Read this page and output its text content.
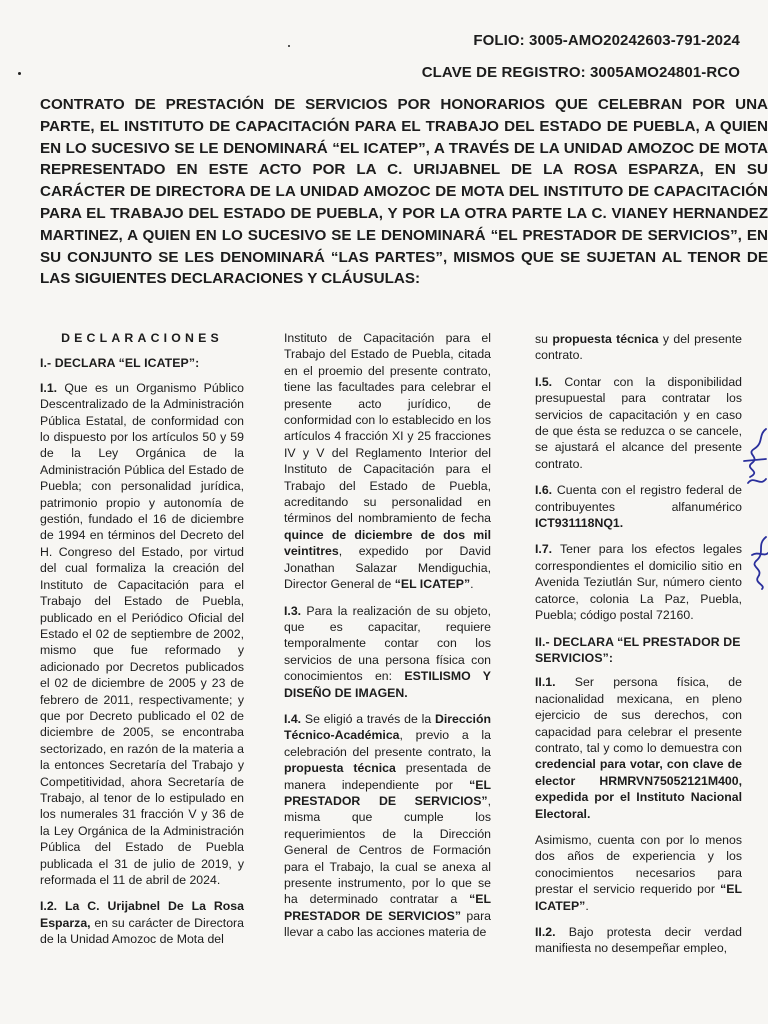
FOLIO: 3005-AMO20242603-791-2024
CLAVE DE REGISTRO: 3005AMO24801-RCO

CONTRATO DE PRESTACIÓN DE SERVICIOS POR HONORARIOS QUE CELEBRAN POR UNA PARTE, EL INSTITUTO DE CAPACITACIÓN PARA EL TRABAJO DEL ESTADO DE PUEBLA, A QUIEN EN LO SUCESIVO SE LE DENOMINARÁ “EL ICATEP”, A TRAVÉS DE LA UNIDAD AMOZOC DE MOTA REPRESENTADO EN ESTE ACTO POR LA C. URIJABNEL DE LA ROSA ESPARZA, EN SU CARÁCTER DE DIRECTORA DE LA UNIDAD AMOZOC DE MOTA DEL INSTITUTO DE CAPACITACIÓN PARA EL TRABAJO DEL ESTADO DE PUEBLA, Y POR LA OTRA PARTE LA C. VIANEY HERNANDEZ MARTINEZ, A QUIEN EN LO SUCESIVO SE LE DENOMINARÁ “EL PRESTADOR DE SERVICIOS”, EN SU CONJUNTO SE LES DENOMINARÁ “LAS PARTES”, MISMOS QUE SE SUJETAN AL TENOR DE LAS SIGUIENTES DECLARACIONES Y CLÁUSULAS:

DECLARACIONES
I.- DECLARA “EL ICATEP”:

I.1. Que es un Organismo Público Descentralizado de la Administración Pública Estatal, de conformidad con lo dispuesto por los artículos 50 y 59 de la Ley Orgánica de la Administración Pública del Estado de Puebla; con personalidad jurídica, patrimonio propio y autonomía de gestión, fundado el 16 de diciembre de 1994 en términos del Decreto del H. Congreso del Estado, por virtud del cual formaliza la creación del Instituto de Capacitación para el Trabajo del Estado de Puebla, publicado en el Periódico Oficial del Estado el 02 de septiembre de 2002, mismo que fue reformado y adicionado por Decretos publicados el 02 de diciembre de 2005 y 23 de febrero de 2011, respectivamente; y que por Decreto publicado el 02 de diciembre de 2005, se encontraba sectorizado, en razón de la materia a la entonces Secretaría del Trabajo y Competitividad, ahora Secretaría de Trabajo, al tenor de lo estipulado en los numerales 31 fracción V y 36 de la Ley Orgánica de la Administración Pública del Estado de Puebla publicada el 31 de julio de 2019, y reformada el 11 de abril de 2024.

I.2. La C. Urijabnel De La Rosa Esparza, en su carácter de Directora de la Unidad Amozoc de Mota del

Instituto de Capacitación para el Trabajo del Estado de Puebla, citada en el proemio del presente contrato, tiene las facultades para celebrar el presente acto jurídico, de conformidad con lo establecido en los artículos 4 fracción XI y 25 fracciones IV y V del Reglamento Interior del Instituto de Capacitación para el Trabajo del Estado de Puebla, acreditando su personalidad en términos del nombramiento de fecha quince de diciembre de dos mil veintitres, expedido por David Jonathan Salazar Mendiguchia, Director General de “EL ICATEP”.

I.3. Para la realización de su objeto, que es capacitar, requiere temporalmente contar con los servicios de una persona física con conocimientos en: ESTILISMO Y DISEÑO DE IMAGEN.

I.4. Se eligió a través de la Dirección Técnico-Académica, previo a la celebración del presente contrato, la propuesta técnica presentada de manera independiente por “EL PRESTADOR DE SERVICIOS”, misma que cumple los requerimientos de la Dirección General de Centros de Formación para el Trabajo, la cual se anexa al presente instrumento, por lo que se ha determinado contratar a “EL PRESTADOR DE SERVICIOS” para llevar a cabo las acciones materia de

su propuesta técnica y del presente contrato.

I.5. Contar con la disponibilidad presupuestal para contratar los servicios de capacitación y en caso de que ésta se reduzca o se cancele, se ajustará el alcance del presente contrato.

I.6. Cuenta con el registro federal de contribuyentes alfanumérico ICT931118NQ1.

I.7. Tener para los efectos legales correspondientes el domicilio sitio en Avenida Teziutlán Sur, número ciento catorce, colonia La Paz, Puebla, Puebla; código postal 72160.

II.- DECLARA “EL PRESTADOR DE SERVICIOS”:

II.1. Ser persona física, de nacionalidad mexicana, en pleno ejercicio de sus derechos, con capacidad para celebrar el presente contrato, tal y como lo demuestra con credencial para votar, con clave de elector HRMRVN75052121M400, expedida por el Instituto Nacional Electoral.

Asimismo, cuenta con por lo menos dos años de experiencia y los conocimientos necesarios para prestar el servicio requerido por “EL ICATEP”.

II.2. Bajo protesta decir verdad manifiesta no desempeñar empleo,
